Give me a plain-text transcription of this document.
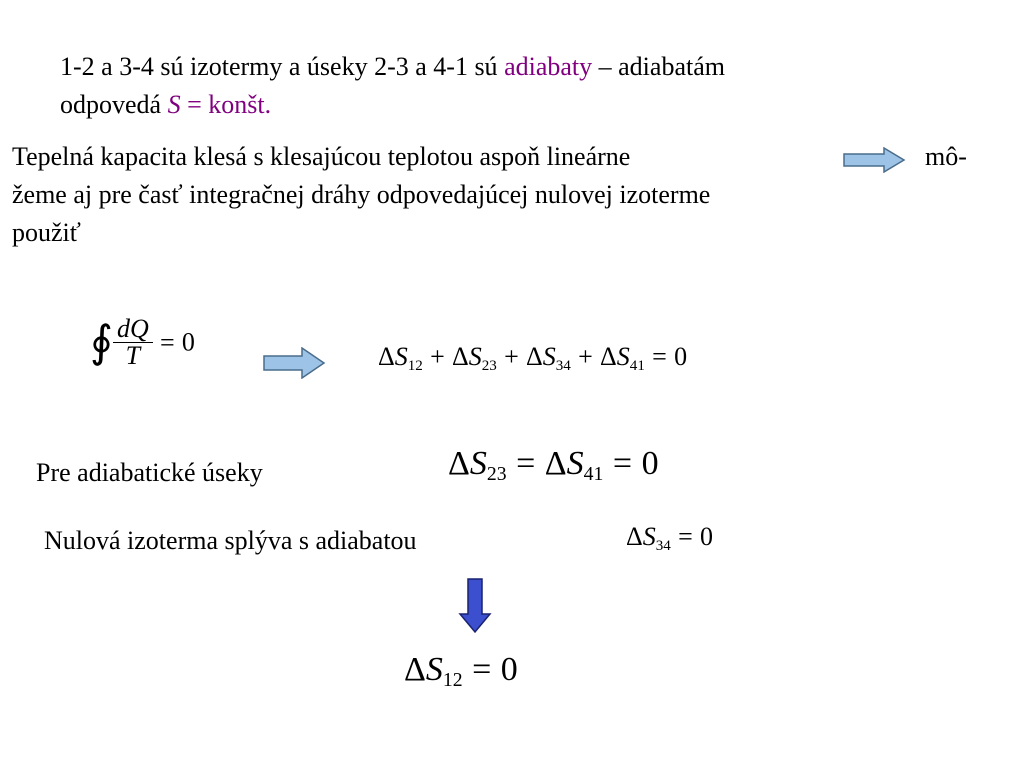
1-2 a 3-4 sú izotermy a úseky 2-3 a 4-1 sú adiabaty – adiabatám
odpovedá S = konšt.
Tepelná kapacita klesá s klesajúcou teplotou aspoň lineárne	mô-
žeme aj pre časť integračnej dráhy odpovedajúcej nulovej izoterme
použiť
∮ $\frac{dQ}{T} = 0$	ΔS12 + ΔS23 + ΔS34 + ΔS41 = 0
Pre adiabatické úseky	ΔS23 = ΔS41 = 0
Nulová izoterma splýva s adiabatou	ΔS34 = 0
ΔS12 = 0
